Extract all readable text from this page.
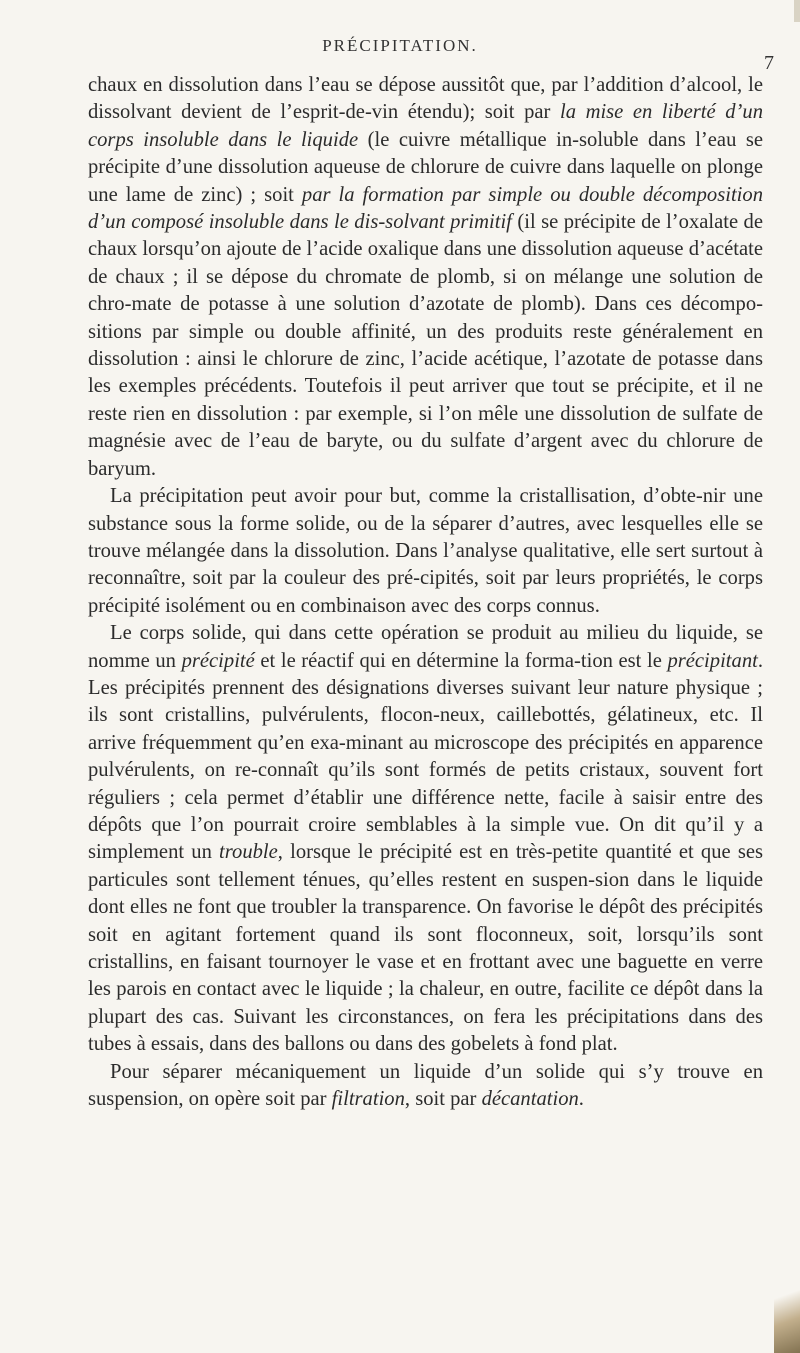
PRÉCIPITATION.
7

chaux en dissolution dans l’eau se dépose aussitôt que, par l’addition d’alcool, le dissolvant devient de l’esprit-de-vin étendu); soit par la mise en liberté d’un corps insoluble dans le liquide (le cuivre métallique in-soluble dans l’eau se précipite d’une dissolution aqueuse de chlorure de cuivre dans laquelle on plonge une lame de zinc) ; soit par la formation par simple ou double décomposition d’un composé insoluble dans le dis-solvant primitif (il se précipite de l’oxalate de chaux lorsqu’on ajoute de l’acide oxalique dans une dissolution aqueuse d’acétate de chaux ; il se dépose du chromate de plomb, si on mélange une solution de chro-mate de potasse à une solution d’azotate de plomb). Dans ces décompo-sitions par simple ou double affinité, un des produits reste généralement en dissolution : ainsi le chlorure de zinc, l’acide acétique, l’azotate de potasse dans les exemples précédents. Toutefois il peut arriver que tout se précipite, et il ne reste rien en dissolution : par exemple, si l’on mêle une dissolution de sulfate de magnésie avec de l’eau de baryte, ou du sulfate d’argent avec du chlorure de baryum.

La précipitation peut avoir pour but, comme la cristallisation, d’obte-nir une substance sous la forme solide, ou de la séparer d’autres, avec lesquelles elle se trouve mélangée dans la dissolution. Dans l’analyse qualitative, elle sert surtout à reconnaître, soit par la couleur des pré-cipités, soit par leurs propriétés, le corps précipité isolément ou en combinaison avec des corps connus.

Le corps solide, qui dans cette opération se produit au milieu du liquide, se nomme un précipité et le réactif qui en détermine la forma-tion est le précipitant. Les précipités prennent des désignations diverses suivant leur nature physique ; ils sont cristallins, pulvérulents, flocon-neux, caillebottés, gélatineux, etc. Il arrive fréquemment qu’en exa-minant au microscope des précipités en apparence pulvérulents, on re-connaît qu’ils sont formés de petits cristaux, souvent fort réguliers ; cela permet d’établir une différence nette, facile à saisir entre des dépôts que l’on pourrait croire semblables à la simple vue. On dit qu’il y a simplement un trouble, lorsque le précipité est en très-petite quantité et que ses particules sont tellement ténues, qu’elles restent en suspen-sion dans le liquide dont elles ne font que troubler la transparence. On favorise le dépôt des précipités soit en agitant fortement quand ils sont floconneux, soit, lorsqu’ils sont cristallins, en faisant tournoyer le vase et en frottant avec une baguette en verre les parois en contact avec le liquide ; la chaleur, en outre, facilite ce dépôt dans la plupart des cas. Suivant les circonstances, on fera les précipitations dans des tubes à essais, dans des ballons ou dans des gobelets à fond plat.

Pour séparer mécaniquement un liquide d’un solide qui s’y trouve en suspension, on opère soit par filtration, soit par décantation.
